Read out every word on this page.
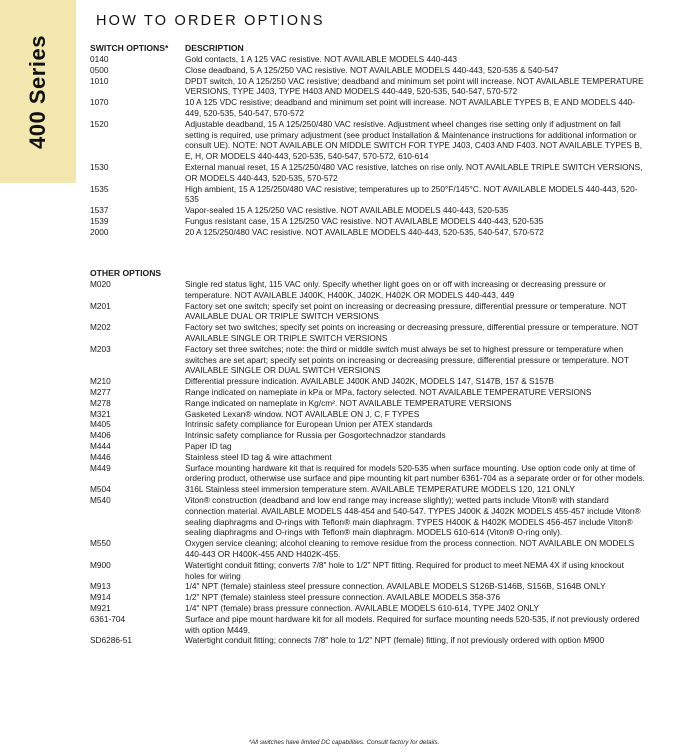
400 Series
HOW TO ORDER OPTIONS
SWITCH OPTIONS*	DESCRIPTION
0140	Gold contacts, 1 A 125 VAC resistive. NOT AVAILABLE MODELS 440-443
0500	Close deadband, 5 A 125/250 VAC resistive. NOT AVAILABLE MODELS 440-443, 520-535 & 540-547
1010	DPDT switch, 10 A 125/250 VAC resistive; deadband and minimum set point will increase. NOT AVAILABLE TEMPERATURE VERSIONS, TYPE J403, TYPE H403 AND MODELS 440-449, 520-535, 540-547, 570-572
1070	10 A 125 VDC resistive; deadband and minimum set point will increase. NOT AVAILABLE TYPES B, E AND MODELS 440-449, 520-535, 540-547, 570-572
1520	Adjustable deadband, 15 A 125/250/480 VAC resistive. Adjustment wheel changes rise setting only if adjustment on fall setting is required, use primary adjustment (see product Installation & Maintenance instructions for additional information or consult UE). NOTE: NOT AVAILABLE ON MIDDLE SWITCH FOR TYPE J403, C403 AND F403. NOT AVAILABLE TYPES B, E, H, OR MODELS 440-443, 520-535, 540-547, 570-572, 610-614
1530	External manual reset, 15 A 125/250/480 VAC resistive, latches on rise only. NOT AVAILABLE TRIPLE SWITCH VERSIONS, OR MODELS 440-443, 520-535, 570-572
1535	High ambient, 15 A 125/250/480 VAC resistive; temperatures up to 250°F/145°C. NOT AVAILABLE MODELS 440-443, 520-535
1537	Vapor-sealed 15 A 125/250 VAC resistive. NOT AVAILABLE MODELS 440-443, 520-535
1539	Fungus resistant case, 15 A 125/250 VAC resistive. NOT AVAILABLE MODELS 440-443, 520-535
2000	20 A 125/250/480 VAC resistive. NOT AVAILABLE MODELS 440-443, 520-535, 540-547, 570-572
OTHER OPTIONS
M020	Single red status light, 115 VAC only. Specify whether light goes on or off with increasing or decreasing pressure or temperature. NOT AVAILABLE J400K, H400K, J402K, H402K OR MODELS 440-443, 449
M201	Factory set one switch; specify set point on increasing or decreasing pressure, differential pressure or temperature. NOT AVAILABLE DUAL OR TRIPLE SWITCH VERSIONS
M202	Factory set two switches; specify set points on increasing or decreasing pressure, differential pressure or temperature. NOT AVAILABLE SINGLE OR TRIPLE SWITCH VERSIONS
M203	Factory set three switches; note: the third or middle switch must always be set to highest pressure or temperature when switches are set apart; specify set points on increasing or decreasing pressure, differential pressure or temperature. NOT AVAILABLE SINGLE OR DUAL SWITCH VERSIONS
M210	Differential pressure indication. AVAILABLE J400K AND J402K, MODELS 147, S147B, 157 & S157B
M277	Range indicated on nameplate in kPa or MPa, factory selected. NOT AVAILABLE TEMPERATURE VERSIONS
M278	Range indicated on nameplate in Kg/cm². NOT AVAILABLE TEMPERATURE VERSIONS
M321	Gasketed Lexan® window. NOT AVAILABLE ON J, C, F TYPES
M405	Intrinsic safety compliance for European Union per ATEX standards
M406	Intrinsic safety compliance for Russia per Gosgortechnadzor standards
M444	Paper ID tag
M446	Stainless steel ID tag & wire attachment
M449	Surface mounting hardware kit that is required for models 520-535 when surface mounting. Use option code only at time of ordering product, otherwise use surface and pipe mounting kit part number 6361-704 as a separate order or for other models.
M504	316L Stainless steel immersion temperature stem. AVAILABLE TEMPERATURE MODELS 120, 121 ONLY
M540	Viton® construction (deadband and low end range may increase slightly); wetted parts include Viton® with standard connection material. AVAILABLE MODELS 448-454 and 540-547. TYPES J400K & J402K MODELS 455-457 include Viton® sealing diaphragms and O-rings with Teflon® main diaphragm. TYPES H400K & H402K MODELS 456-457 include Viton® sealing diaphragms and O-rings with Teflon® main diaphragm. MODELS 610-614 (Viton® O-ring only).
M550	Oxygen service cleaning; alcohol cleaning to remove residue from the process connection. NOT AVAILABLE ON MODELS 440-443 OR H400K-455 AND H402K-455.
M900	Watertight conduit fitting; converts 7/8" hole to 1/2" NPT fitting. Required for product to meet NEMA 4X if using knockout holes for wiring
M913	1/4" NPT (female) stainless steel pressure connection. AVAILABLE MODELS S126B-S146B, S156B, S164B ONLY
M914	1/2" NPT (female) stainless steel pressure connection. AVAILABLE MODELS 358-376
M921	1/4" NPT (female) brass pressure connection. AVAILABLE MODELS 610-614, TYPE J402 ONLY
6361-704	Surface and pipe mount hardware kit for all models. Required for surface mounting needs 520-535, if not previously ordered with option M449.
SD6286-51	Watertight conduit fitting; connects 7/8" hole to 1/2" NPT (female) fitting, if not previously ordered with option M900
*All switches have limited DC capabilities. Consult factory for details.
